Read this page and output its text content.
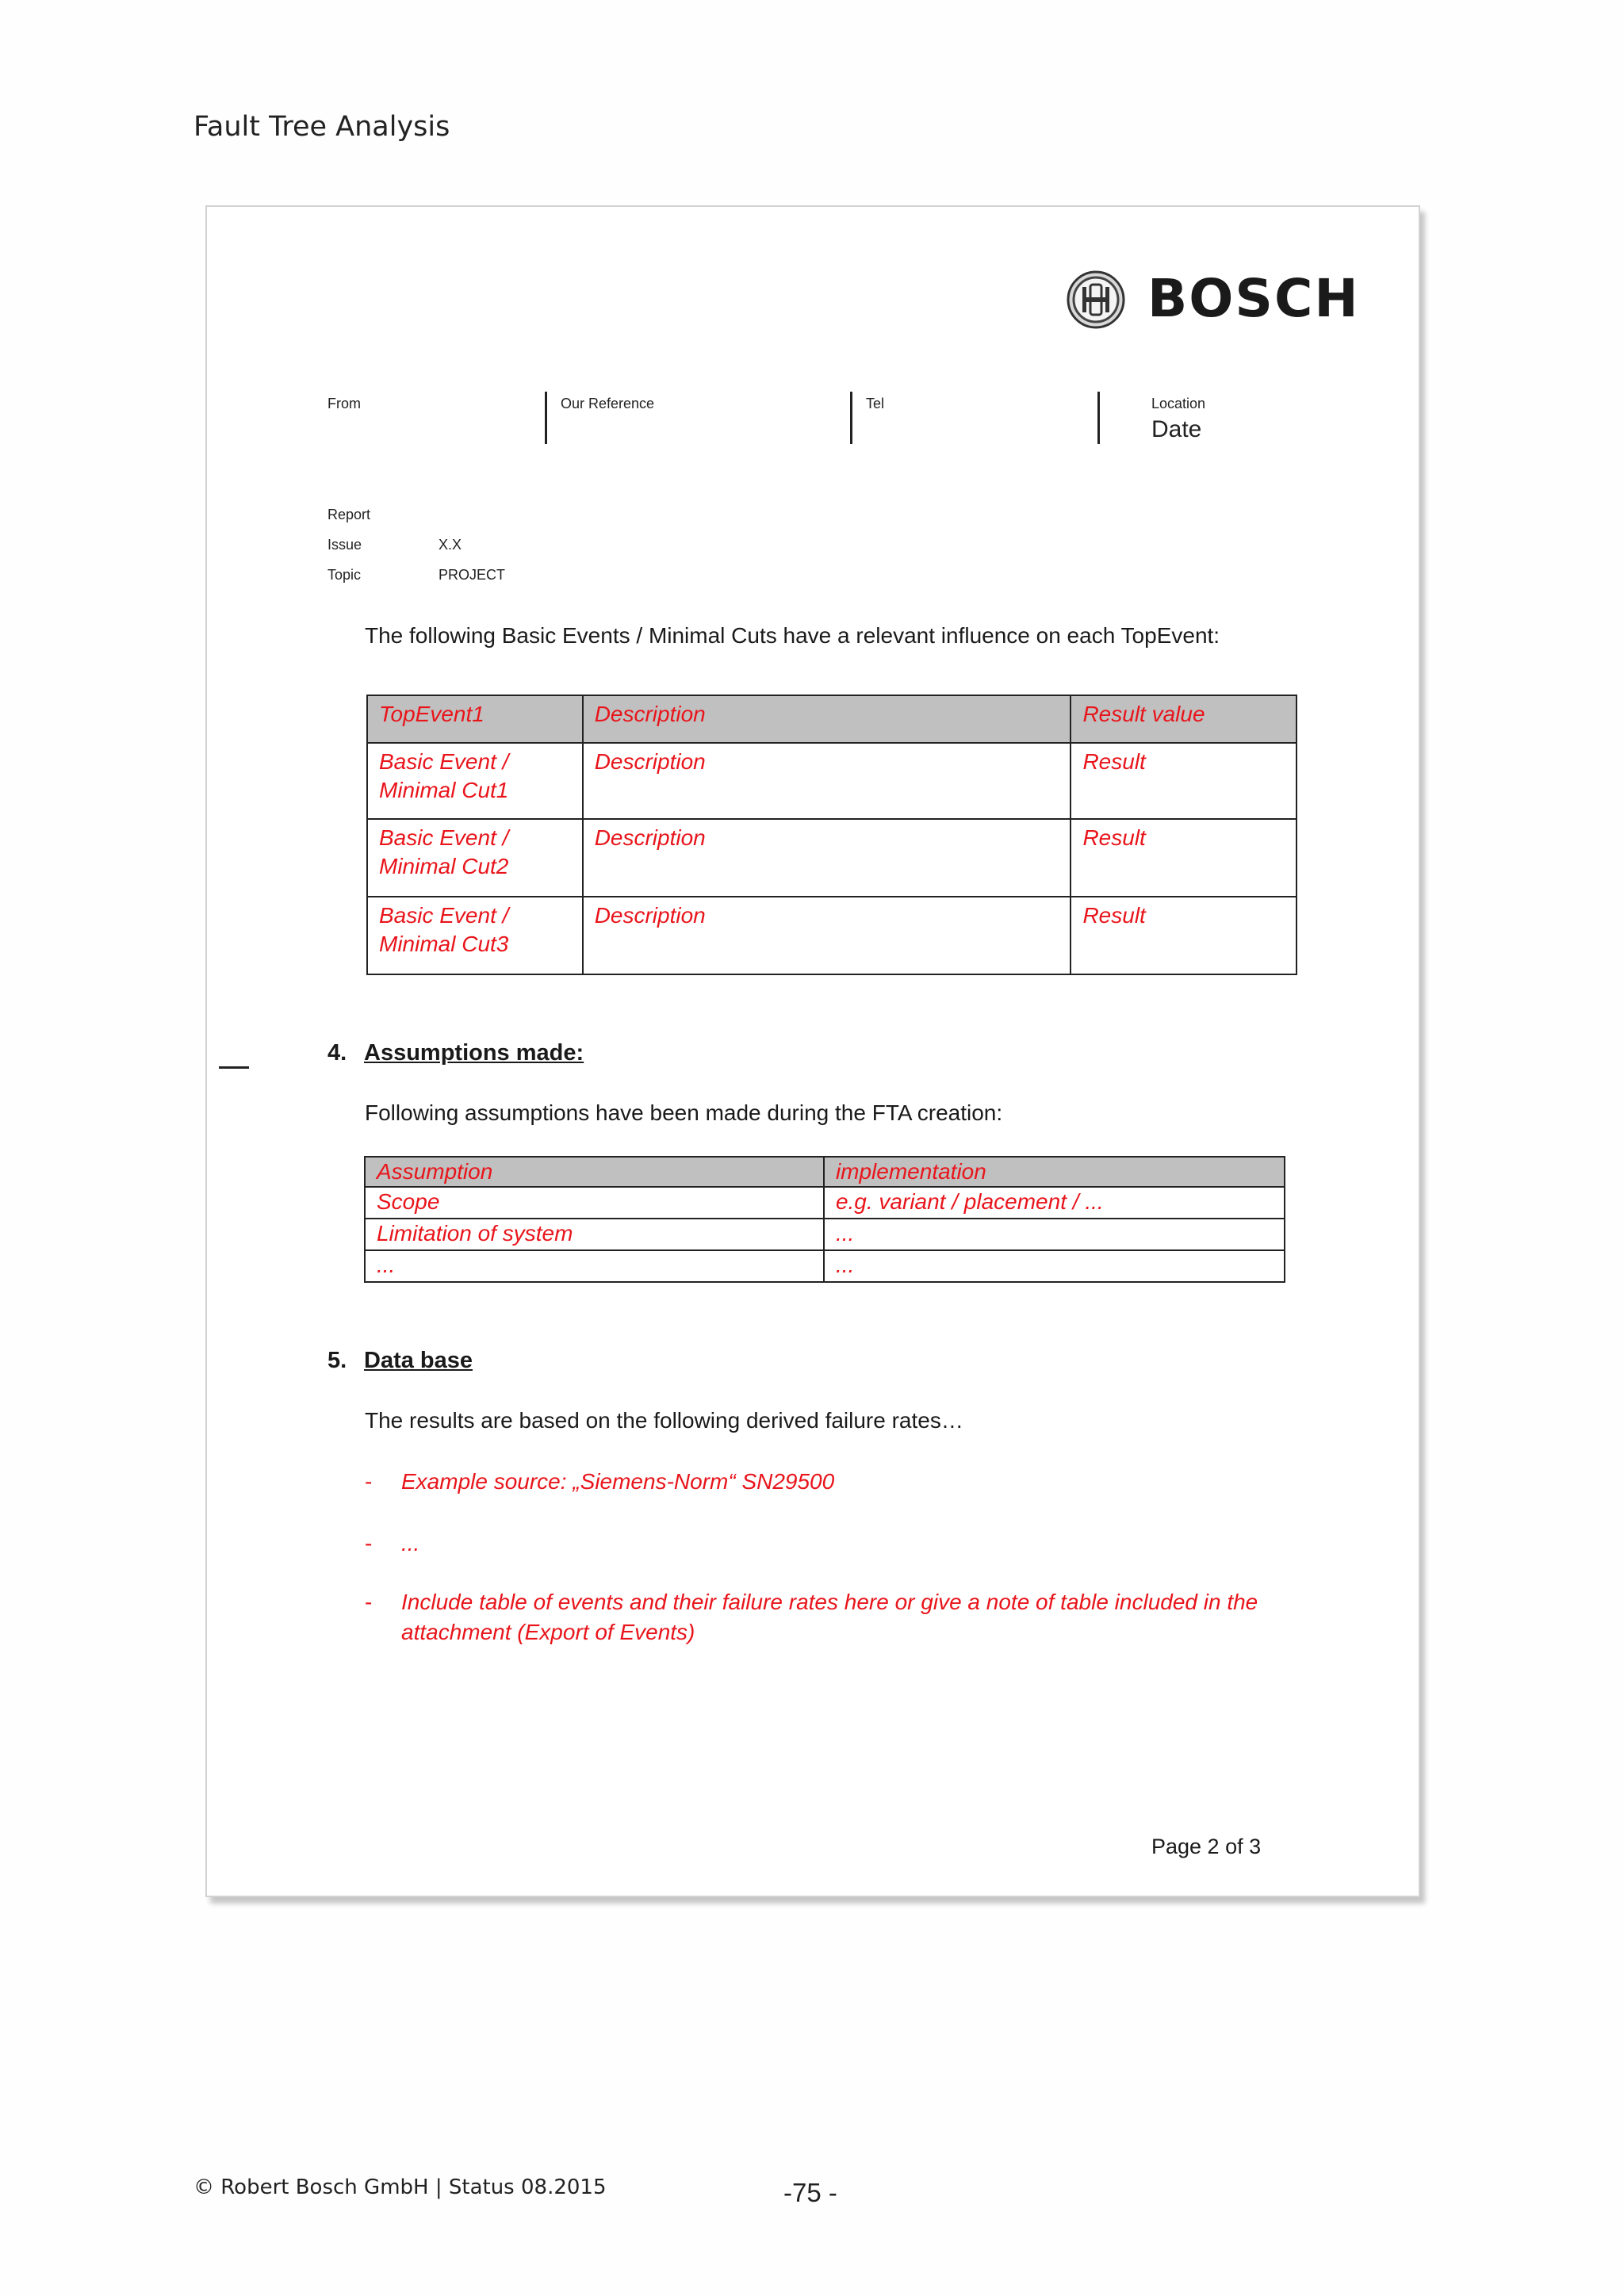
Fault Tree Analysis
BOSCH
From	Our Reference	Tel	Location
Date
Report
Issue	X.X
Topic	PROJECT
The following Basic Events / Minimal Cuts have a relevant influence on each TopEvent:
TopEvent1	Description	Result value

Basic Event /
Minimal Cut1	Description	Result

Basic Event /
Minimal Cut2	Description	Result

Basic Event /
Minimal Cut3	Description	Result
4. Assumptions made:
Following assumptions have been made during the FTA creation:
Assumption	implementation
Scope	e.g. variant / placement / ...
Limitation of system	...
...	...
5. Data base
The results are based on the following derived failure rates…
- Example source: „Siemens-Norm“ SN29500
- ...
- Include table of events and their failure rates here or give a note of table included in the
attachment (Export of Events)
Page 2 of 3
© Robert Bosch GmbH | Status 08.2015	-75 -
